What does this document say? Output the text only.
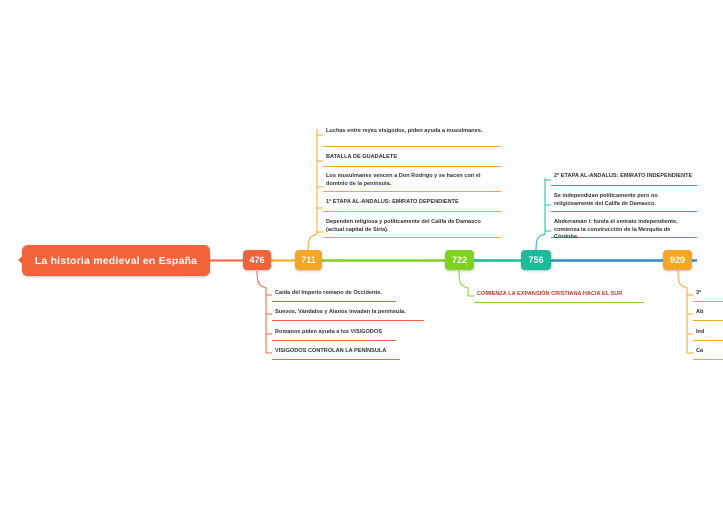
La historia medieval en España	476	711	722	756	929
Luchas entre reyes visigodos, piden ayuda a musulmanes.
BATALLA DE GUADALETE
Los musulmanes vencen a Don Rodrigo y se hacen con el dominio de la península.
1ª ETAPA AL-ANDALUS: EMIRATO DEPENDIENTE
Dependen religiosa y políticamente del Califa de Damasco (actual capital de Siria).
Caída del Imperio romano de Occidente.
Suevos, Vándalos y Alanos invaden la península.
Romanos piden ayuda a los VISIGODOS
VISIGODOS CONTROLAN LA PENÍNSULA
COMIENZA LA EXPANSIÓN CRISTIANA HACIA EL SUR
2ª ETAPA AL-ANDALUS: EMIRATO INDEPENDIENTE
Se independizan políticamente pero no religiosamente del Califa de Damasco.
Abderramán I: funda el emirato independiente, comienza la construcción de la Mezquita de Córdoba.
3ª
Ab
Ind
Ca
